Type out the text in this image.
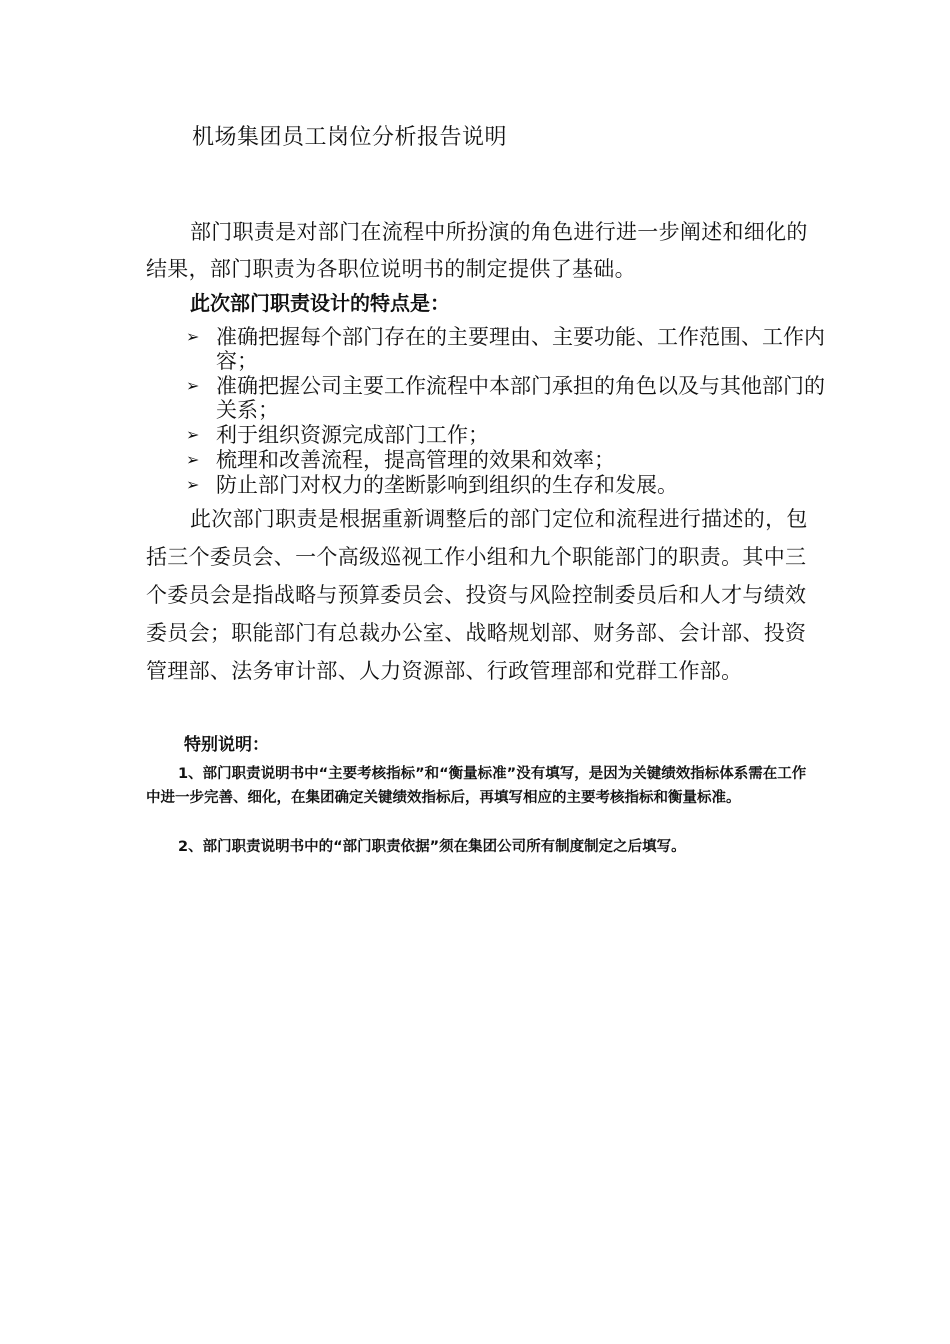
机场集团员工岗位分析报告说明
部门职责是对部门在流程中所扮演的角色进行进一步阐述和细化的结果，部门职责为各职位说明书的制定提供了基础。
此次部门职责设计的特点是：
➢ 准确把握每个部门存在的主要理由、主要功能、工作范围、工作内容；
➢ 准确把握公司主要工作流程中本部门承担的角色以及与其他部门的关系；
➢ 利于组织资源完成部门工作；
➢ 梳理和改善流程，提高管理的效果和效率；
➢ 防止部门对权力的垄断影响到组织的生存和发展。
此次部门职责是根据重新调整后的部门定位和流程进行描述的，包括三个委员会、一个高级巡视工作小组和九个职能部门的职责。其中三个委员会是指战略与预算委员会、投资与风险控制委员后和人才与绩效委员会；职能部门有总裁办公室、战略规划部、财务部、会计部、投资管理部、法务审计部、人力资源部、行政管理部和党群工作部。
特别说明：
1、部门职责说明书中“主要考核指标”和“衡量标准”没有填写，是因为关键绩效指标体系需在工作中进一步完善、细化，在集团确定关键绩效指标后，再填写相应的主要考核指标和衡量标准。
2、部门职责说明书中的“部门职责依据”须在集团公司所有制度制定之后填写。
